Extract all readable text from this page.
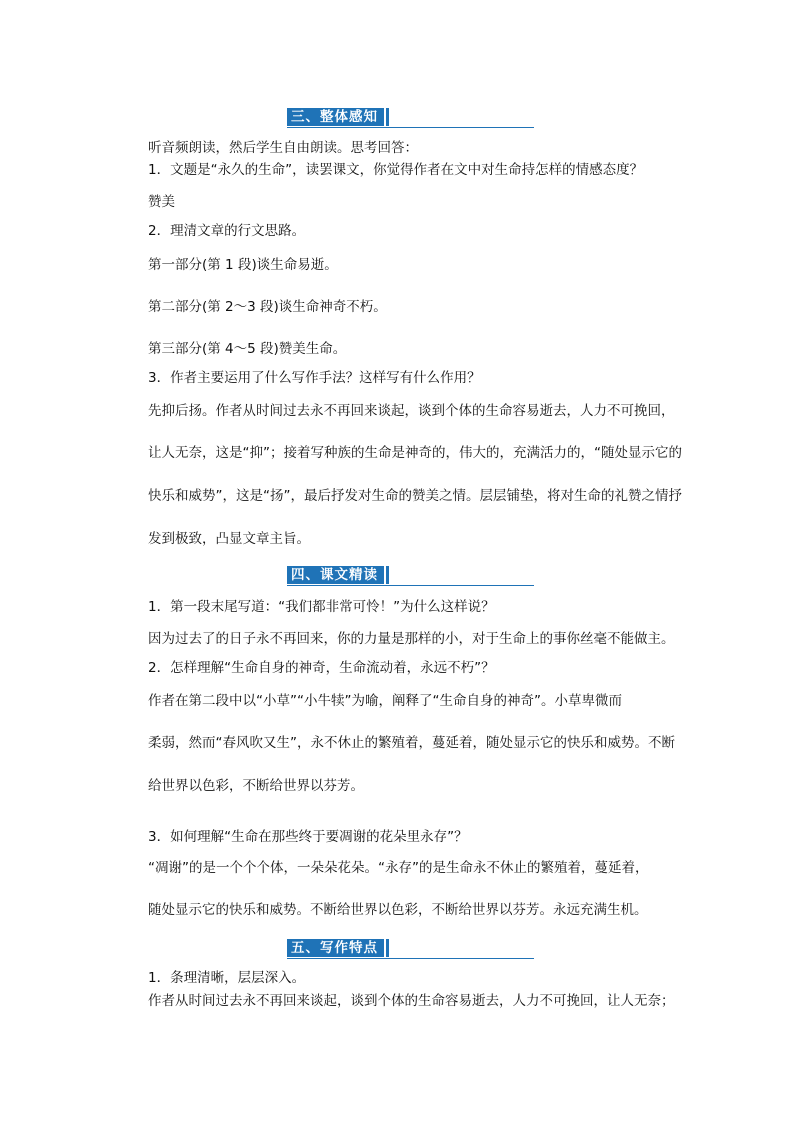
三、整体感知
听音频朗读，然后学生自由朗读。思考回答：
1．文题是“永久的生命”，读罢课文，你觉得作者在文中对生命持怎样的情感态度？
赞美
2．理清文章的行文思路。
第一部分(第 1 段)谈生命易逝。
第二部分(第 2～3 段)谈生命神奇不朽。
第三部分(第 4～5 段)赞美生命。
3．作者主要运用了什么写作手法？这样写有什么作用？
先抑后扬。作者从时间过去永不再回来谈起，谈到个体的生命容易逝去，人力不可挽回，
让人无奈，这是“抑”；接着写种族的生命是神奇的，伟大的，充满活力的，“随处显示它的
快乐和威势”，这是“扬”，最后抒发对生命的赞美之情。层层铺垫，将对生命的礼赞之情抒
发到极致，凸显文章主旨。
四、课文精读
1．第一段末尾写道：“我们都非常可怜！”为什么这样说？
因为过去了的日子永不再回来，你的力量是那样的小，对于生命上的事你丝毫不能做主。
2．怎样理解“生命自身的神奇，生命流动着，永远不朽”？
作者在第二段中以“小草”“小牛犊”为喻，阐释了“生命自身的神奇”。小草卑微而
柔弱，然而“春风吹又生”，永不休止的繁殖着，蔓延着，随处显示它的快乐和威势。不断
给世界以色彩，不断给世界以芬芳。
3．如何理解“生命在那些终于要凋谢的花朵里永存”？
“凋谢”的是一个个个体，一朵朵花朵。“永存”的是生命永不休止的繁殖着，蔓延着，
随处显示它的快乐和威势。不断给世界以色彩，不断给世界以芬芳。永远充满生机。
五、写作特点
1．条理清晰，层层深入。
作者从时间过去永不再回来谈起，谈到个体的生命容易逝去，人力不可挽回，让人无奈；
